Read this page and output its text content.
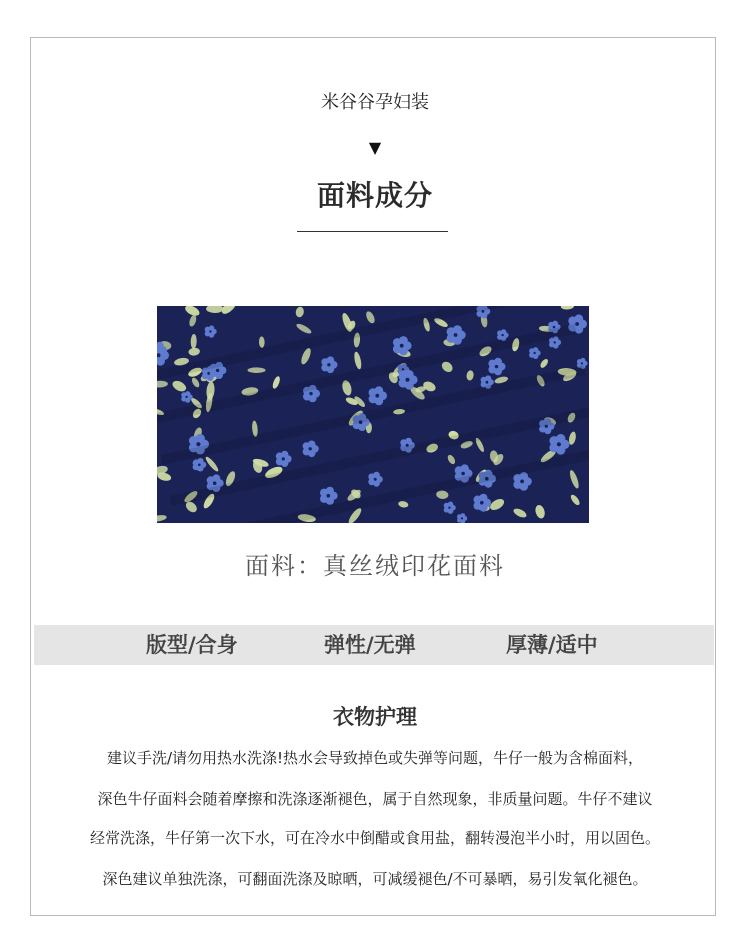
米谷谷孕妇装
▼
面料成分
面料：真丝绒印花面料
版型/合身	弹性/无弹	厚薄/适中
衣物护理
建议手洗/请勿用热水洗涤!热水会导致掉色或失弹等问题，牛仔一般为含棉面料，
深色牛仔面料会随着摩擦和洗涤逐渐褪色，属于自然现象，非质量问题。牛仔不建议
经常洗涤，牛仔第一次下水，可在冷水中倒醋或食用盐，翻转漫泡半小时，用以固色。
深色建议单独洗涤，可翻面洗涤及晾晒，可减缓褪色/不可暴晒，易引发氧化褪色。
